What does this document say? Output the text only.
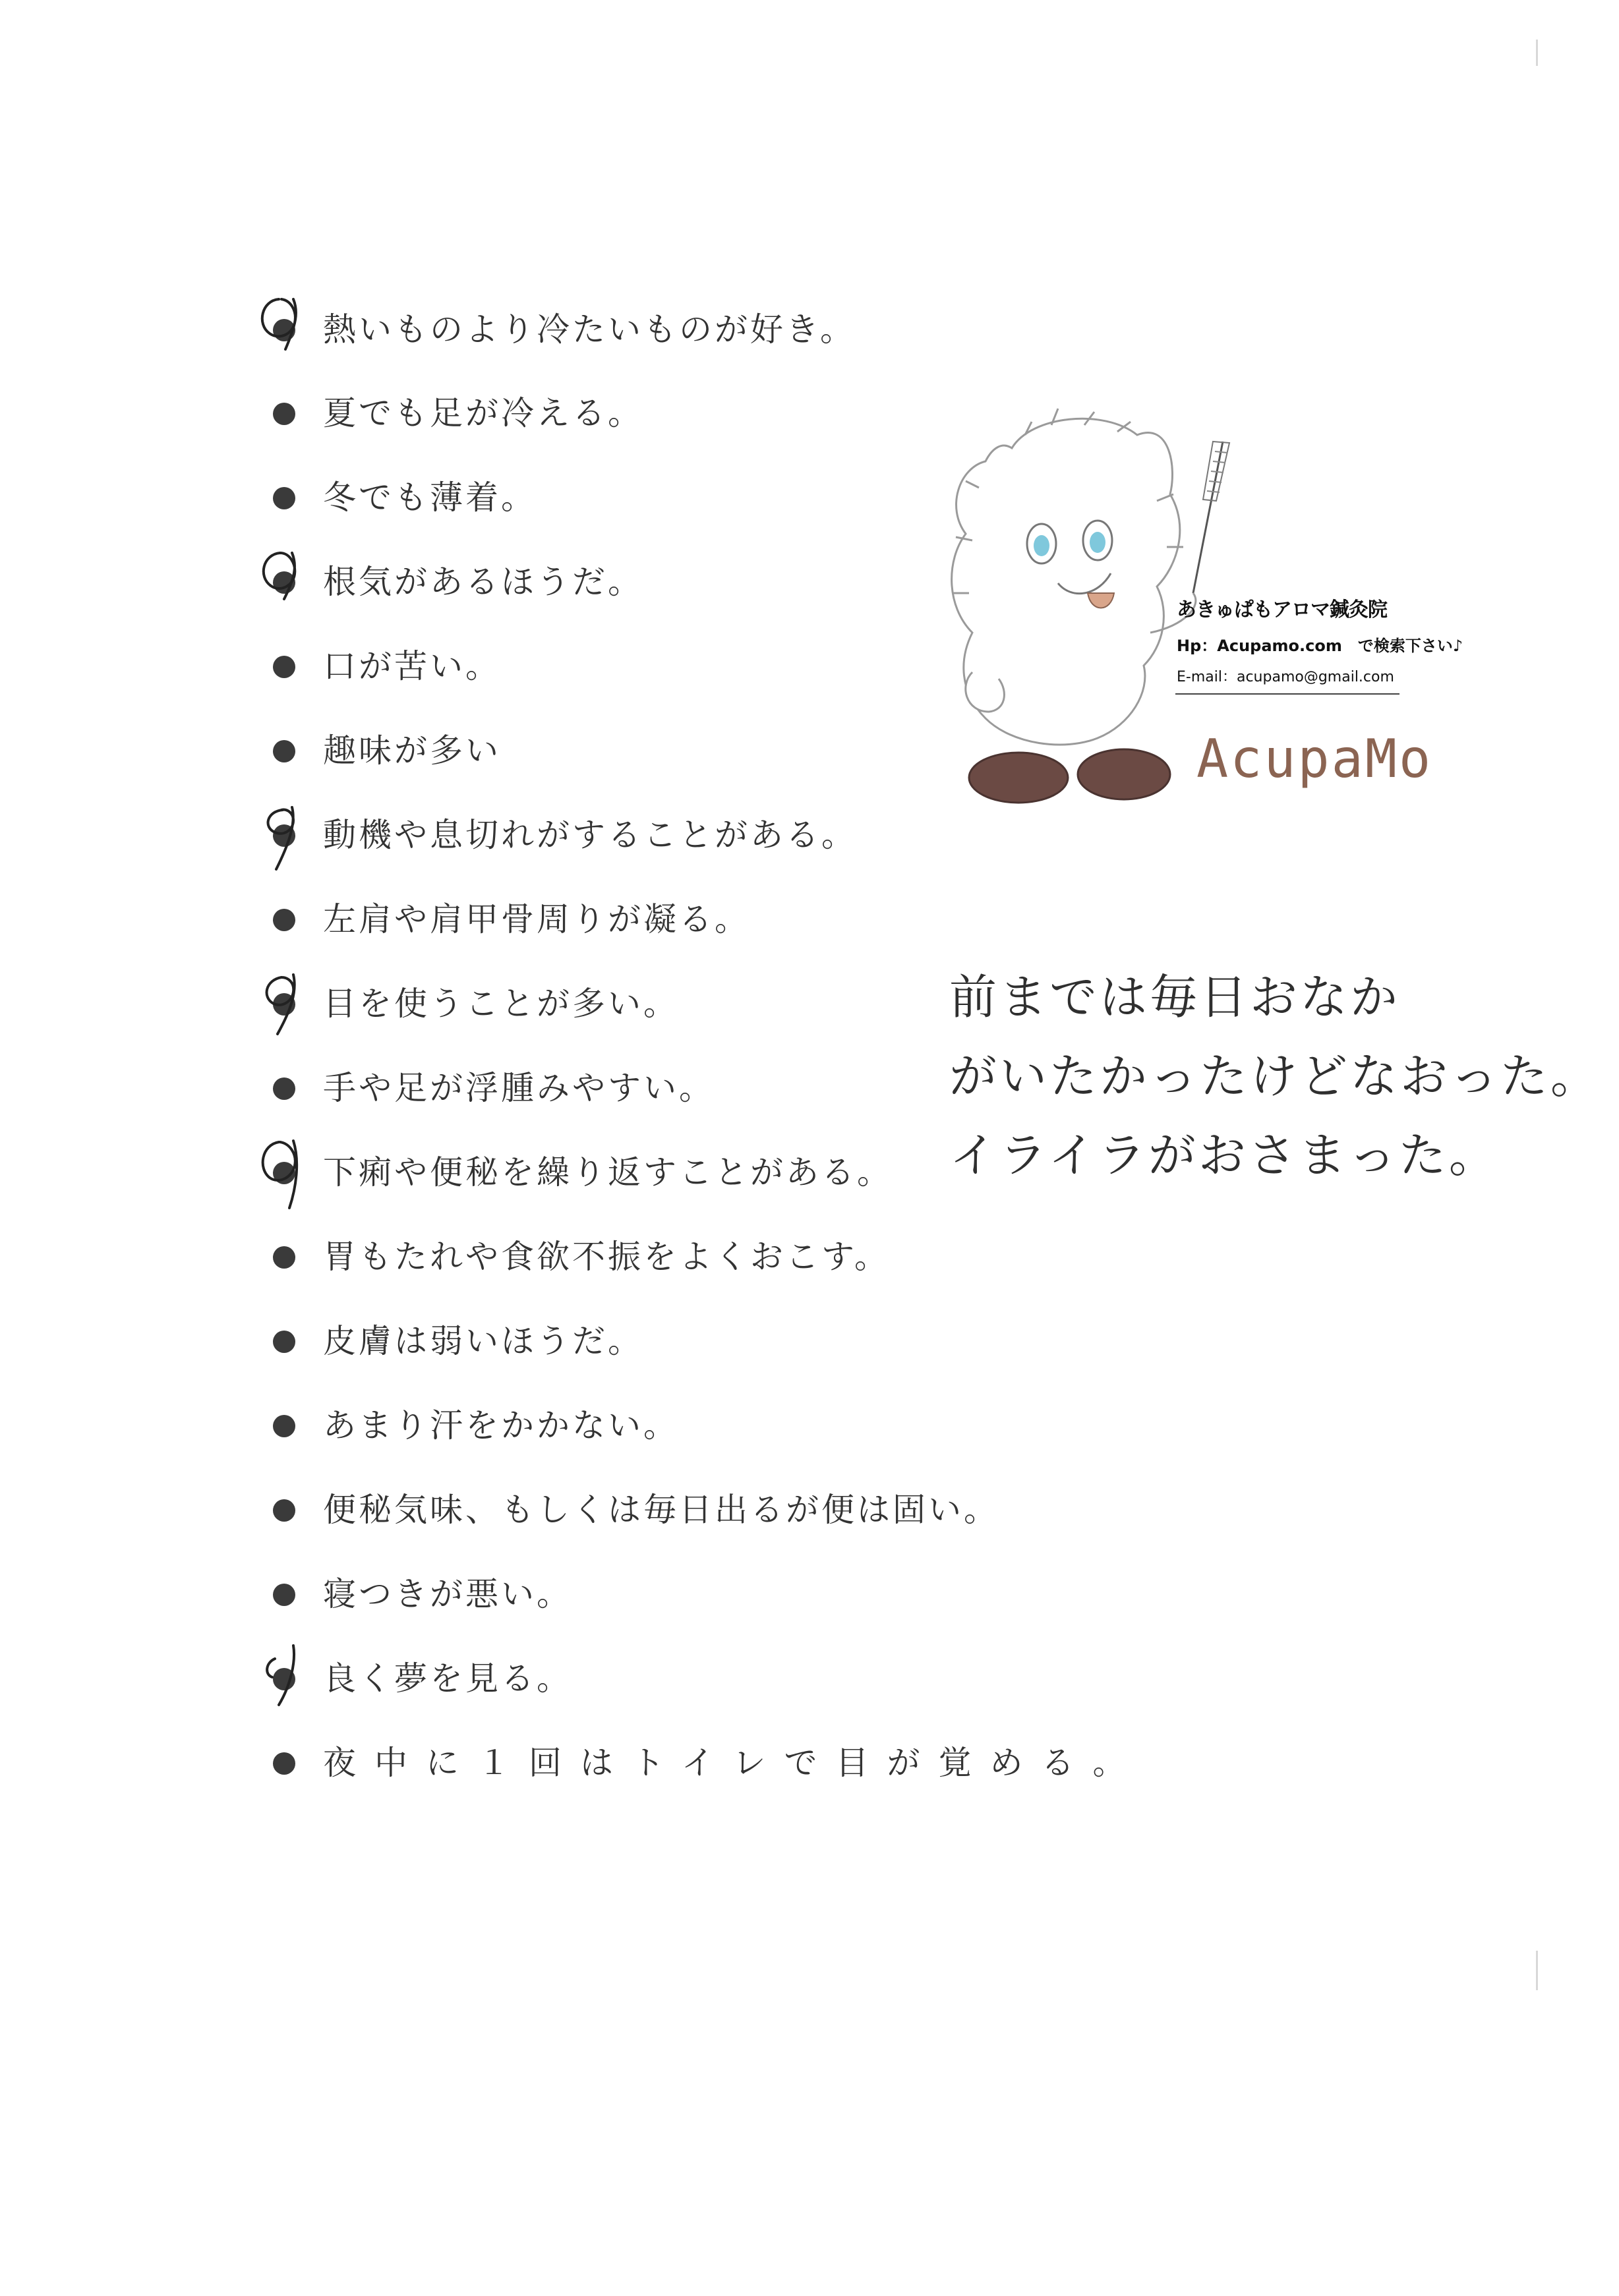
熱いものより冷たいものが好き。
夏でも足が冷える。
冬でも薄着。
根気があるほうだ。
口が苦い。
趣味が多い
動機や息切れがすることがある。
左肩や肩甲骨周りが凝る。
目を使うことが多い。
手や足が浮腫みやすい。
下痢や便秘を繰り返すことがある。
胃もたれや食欲不振をよくおこす。
皮膚は弱いほうだ。
あまり汗をかかない。
便秘気味、もしくは毎日出るが便は固い。
寝つきが悪い。
良く夢を見る。
夜中に１回はトイレで目が覚める。
あきゅぱもアロマ鍼灸院
Hp：Acupamo.com　で検索下さい♪
E-mail：acupamo@gmail.com
AcupaMo
前までは毎日おなか
がいたかったけどなおった。
イライラがおさまった。
